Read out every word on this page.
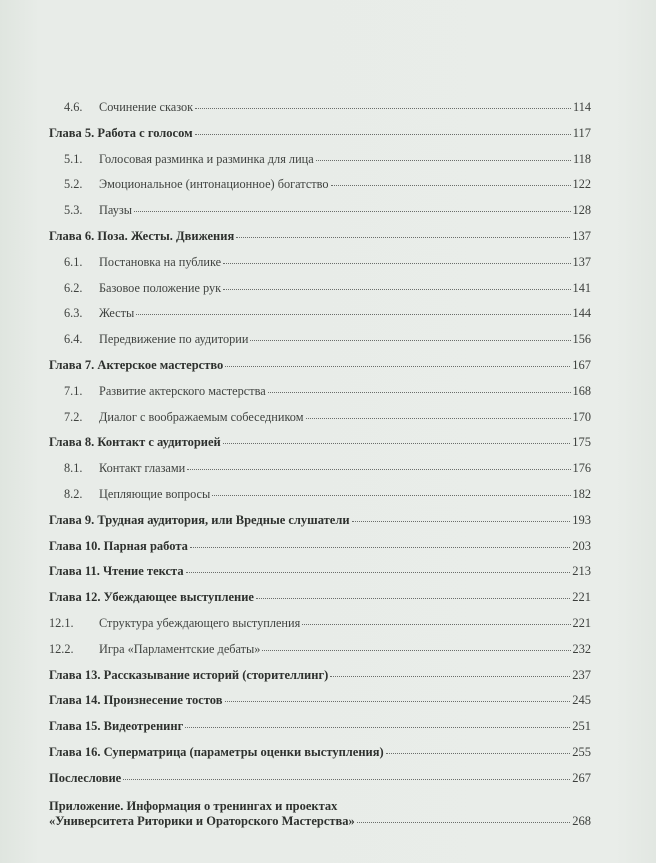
4.6.	Сочинение сказок	114
Глава 5. Работа с голосом	117
5.1.	Голосовая разминка и разминка для лица	118
5.2.	Эмоциональное (интонационное) богатство	122
5.3.	Паузы	128
Глава 6. Поза. Жесты. Движения	137
6.1.	Постановка на публике	137
6.2.	Базовое положение рук	141
6.3.	Жесты	144
6.4.	Передвижение по аудитории	156
Глава 7. Актерское мастерство	167
7.1.	Развитие актерского мастерства	168
7.2.	Диалог с воображаемым собеседником	170
Глава 8. Контакт с аудиторией	175
8.1.	Контакт глазами	176
8.2.	Цепляющие вопросы	182
Глава 9. Трудная аудитория, или Вредные слушатели	193
Глава 10. Парная работа	203
Глава 11. Чтение текста	213
Глава 12. Убеждающее выступление	221
12.1.	Структура убеждающего выступления	221
12.2.	Игра «Парламентские дебаты»	232
Глава 13. Рассказывание историй (сторителлинг)	237
Глава 14. Произнесение тостов	245
Глава 15. Видеотренинг	251
Глава 16. Суперматрица (параметры оценки выступления)	255
Послесловие	267
Приложение. Информация о тренингах и проектах
«Университета Риторики и Ораторского Мастерства»	268
